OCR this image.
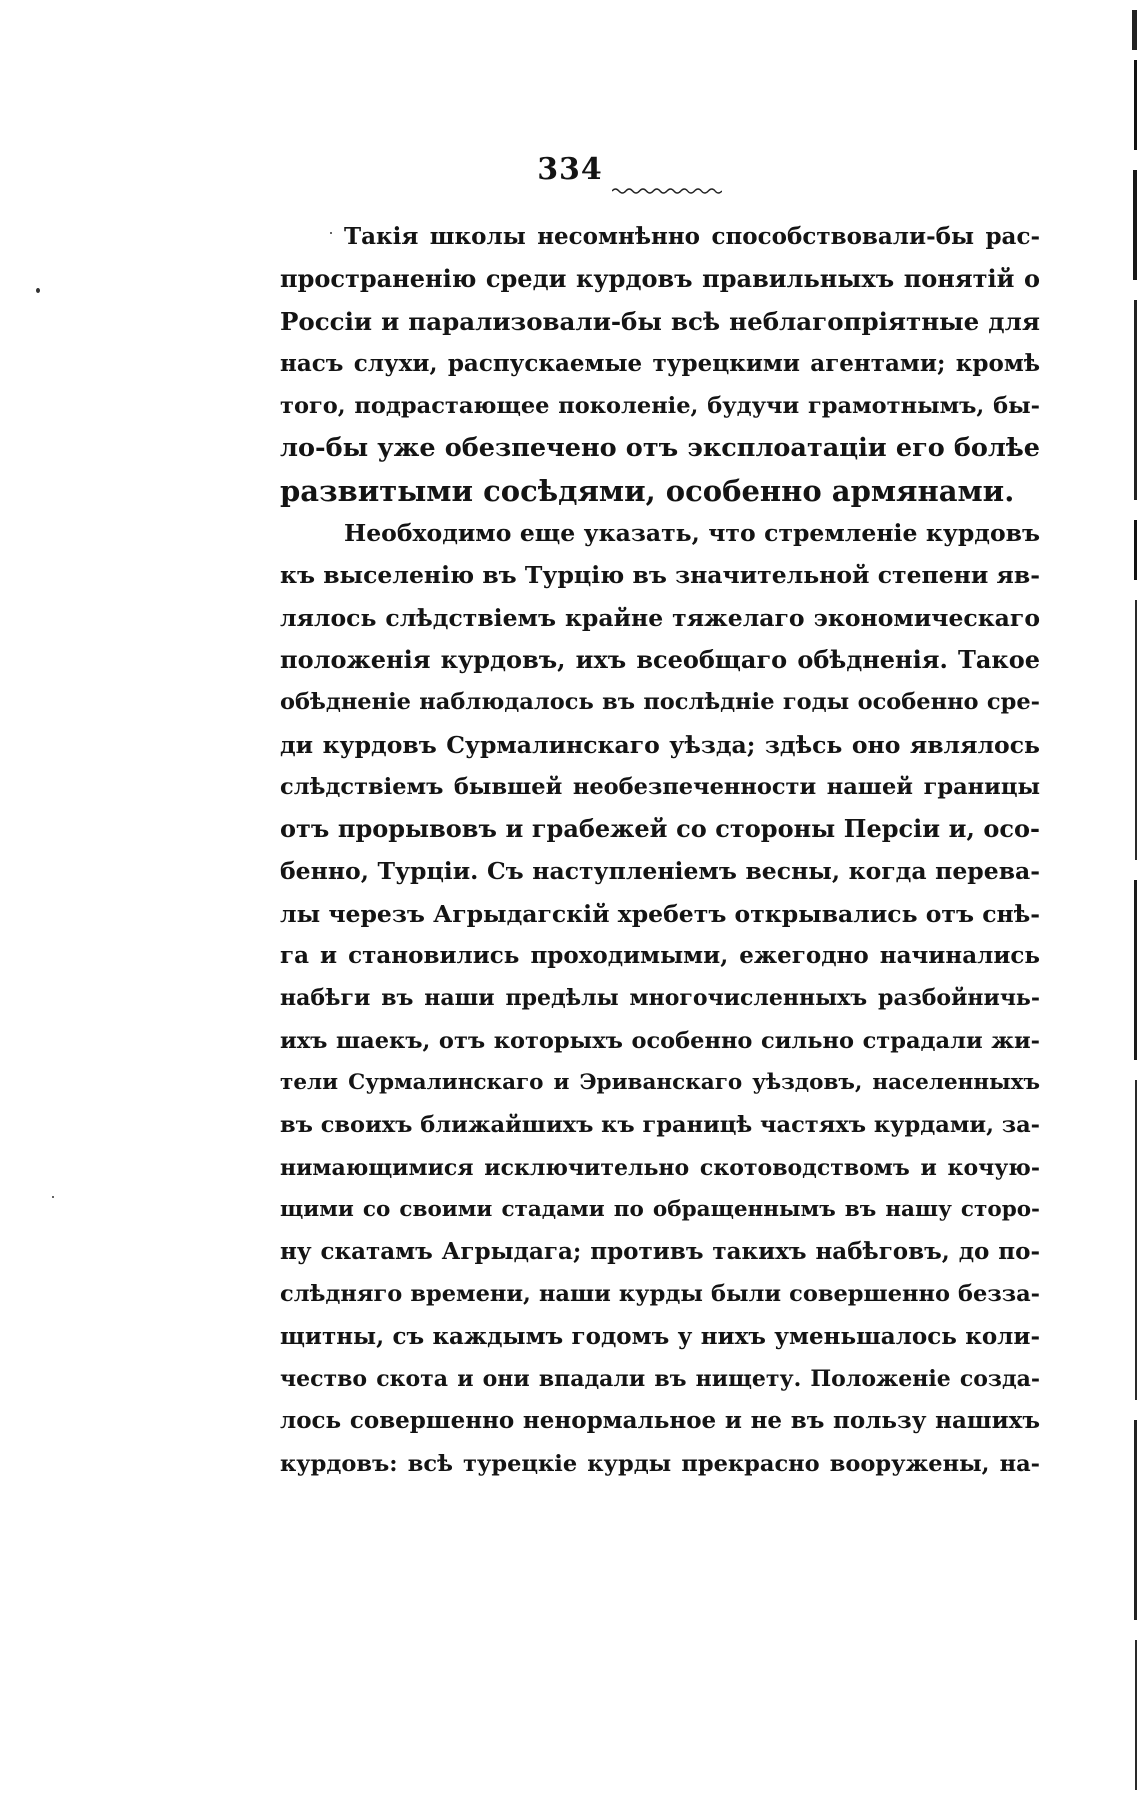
334
Такія школы несомнѣнно способствовали-бы рас-
пространенію среди курдовъ правильныхъ понятій о
Россіи и парализовали-бы всѣ неблагопріятные для
насъ слухи, распускаемые турецкими агентами; кромѣ
того, подрастающее поколеніе, будучи грамотнымъ, бы-
ло-бы уже обезпечено отъ эксплоатаціи его болѣе
развитыми сосѣдями, особенно армянами.
Необходимо еще указать, что стремленіе курдовъ
къ выселенію въ Турцію въ значительной степени яв-
лялось слѣдствіемъ крайне тяжелаго экономическаго
положенія курдовъ, ихъ всеобщаго обѣдненія. Такое
обѣдненіе наблюдалось въ послѣдніе годы особенно сре-
ди курдовъ Сурмалинскаго уѣзда; здѣсь оно являлось
слѣдствіемъ бывшей необезпеченности нашей границы
отъ прорывовъ и грабежей со стороны Персіи и, осо-
бенно, Турціи. Съ наступленіемъ весны, когда перева-
лы черезъ Агрыдагскій хребетъ открывались отъ снѣ-
га и становились проходимыми, ежегодно начинались
набѣги въ наши предѣлы многочисленныхъ разбойничь-
ихъ шаекъ, отъ которыхъ особенно сильно страдали жи-
тели Сурмалинскаго и Эриванскаго уѣздовъ, населенныхъ
въ своихъ ближайшихъ къ границѣ частяхъ курдами, за-
нимающимися исключительно скотоводствомъ и кочую-
щими со своими стадами по обращеннымъ въ нашу сторо-
ну скатамъ Агрыдага; противъ такихъ набѣговъ, до по-
слѣдняго времени, наши курды были совершенно безза-
щитны, съ каждымъ годомъ у нихъ уменьшалось коли-
чество скота и они впадали въ нищету. Положеніе созда-
лось совершенно ненормальное и не въ пользу нашихъ
курдовъ: всѣ турецкіе курды прекрасно вооружены, на-
